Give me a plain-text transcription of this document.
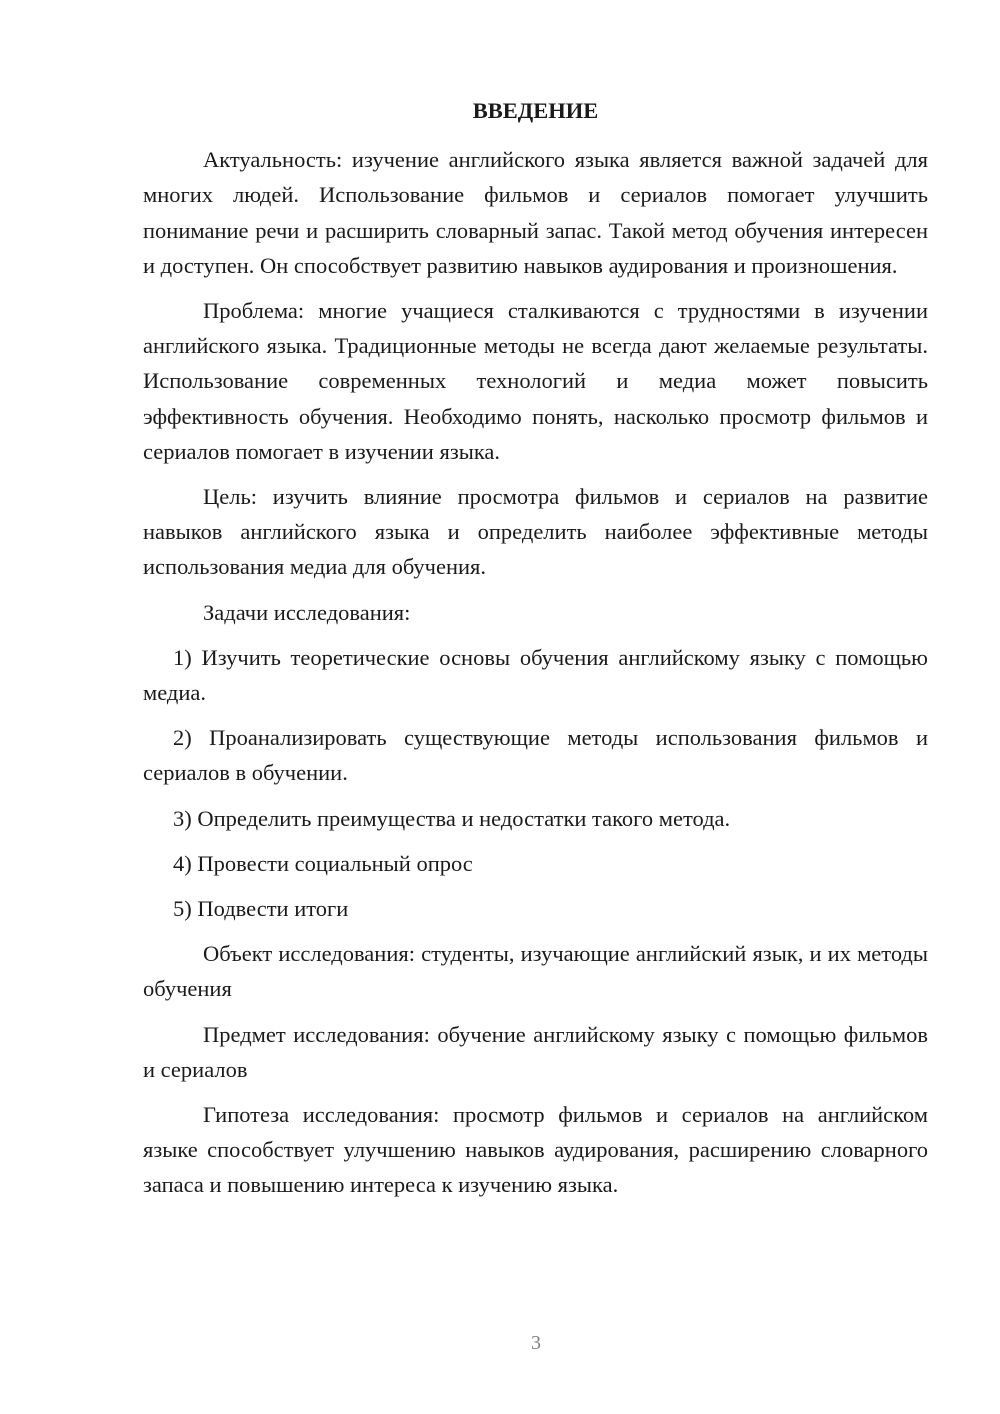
ВВЕДЕНИЕ

Актуальность: изучение английского языка является важной задачей для многих людей. Использование фильмов и сериалов помогает улучшить понимание речи и расширить словарный запас. Такой метод обучения интересен и доступен. Он способствует развитию навыков аудирования и произношения.

Проблема: многие учащиеся сталкиваются с трудностями в изучении английского языка. Традиционные методы не всегда дают желаемые результаты. Использование современных технологий и медиа может повысить эффективность обучения. Необходимо понять, насколько просмотр фильмов и сериалов помогает в изучении языка.

Цель: изучить влияние просмотра фильмов и сериалов на развитие навыков английского языка и определить наиболее эффективные методы использования медиа для обучения.

Задачи исследования:

1) Изучить теоретические основы обучения английскому языку с помощью медиа.

2) Проанализировать существующие методы использования фильмов и сериалов в обучении.

3) Определить преимущества и недостатки такого метода.

4) Провести социальный опрос

5) Подвести итоги

Объект исследования: студенты, изучающие английский язык, и их методы обучения

Предмет исследования: обучение английскому языку с помощью фильмов и сериалов

Гипотеза исследования: просмотр фильмов и сериалов на английском языке способствует улучшению навыков аудирования, расширению словарного запаса и повышению интереса к изучению языка.

3
